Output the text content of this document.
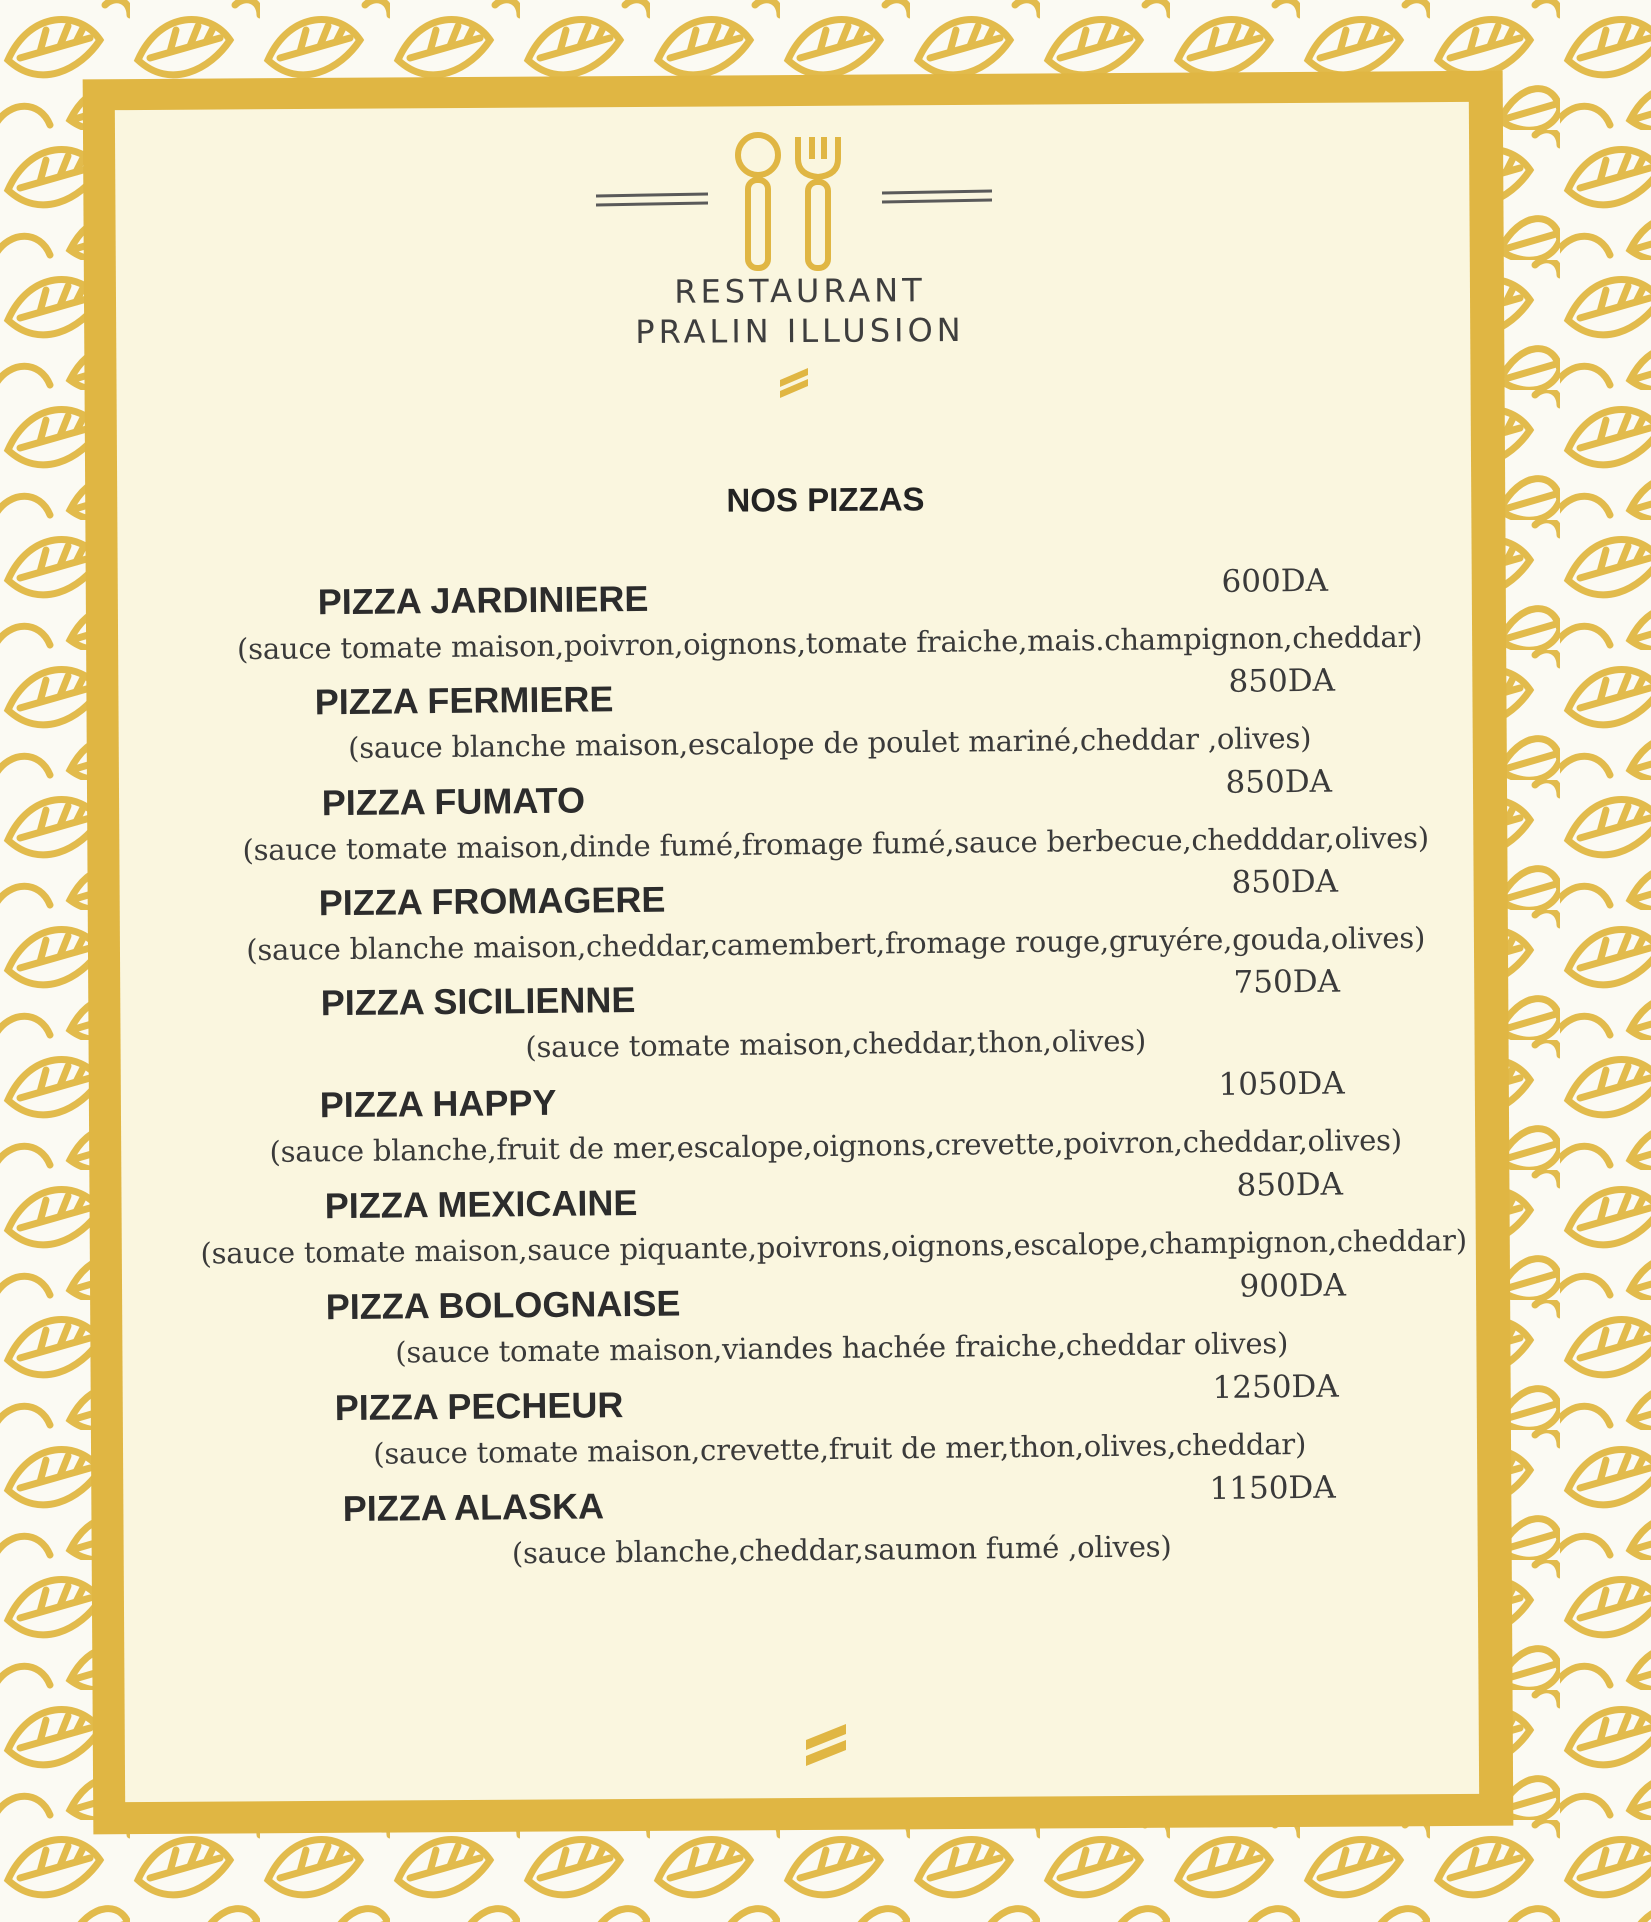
RESTAURANT
PRALIN ILLUSION
NOS PIZZAS
PIZZA JARDINIERE	600DA
(sauce tomate maison,poivron,oignons,tomate fraiche,mais.champignon,cheddar)
PIZZA FERMIERE	850DA
(sauce blanche maison,escalope de poulet mariné,cheddar ,olives)
PIZZA FUMATO	850DA
(sauce tomate maison,dinde fumé,fromage fumé,sauce berbecue,chedddar,olives)
PIZZA FROMAGERE	850DA
(sauce blanche maison,cheddar,camembert,fromage rouge,gruyére,gouda,olives)
PIZZA SICILIENNE	750DA
(sauce tomate maison,cheddar,thon,olives)
PIZZA HAPPY	1050DA
(sauce blanche,fruit de mer,escalope,oignons,crevette,poivron,cheddar,olives)
PIZZA MEXICAINE	850DA
(sauce tomate maison,sauce piquante,poivrons,oignons,escalope,champignon,cheddar)
PIZZA BOLOGNAISE	900DA
(sauce tomate maison,viandes hachée fraiche,cheddar olives)
PIZZA PECHEUR	1250DA
(sauce tomate maison,crevette,fruit de mer,thon,olives,cheddar)
PIZZA ALASKA	1150DA
(sauce blanche,cheddar,saumon fumé ,olives)
